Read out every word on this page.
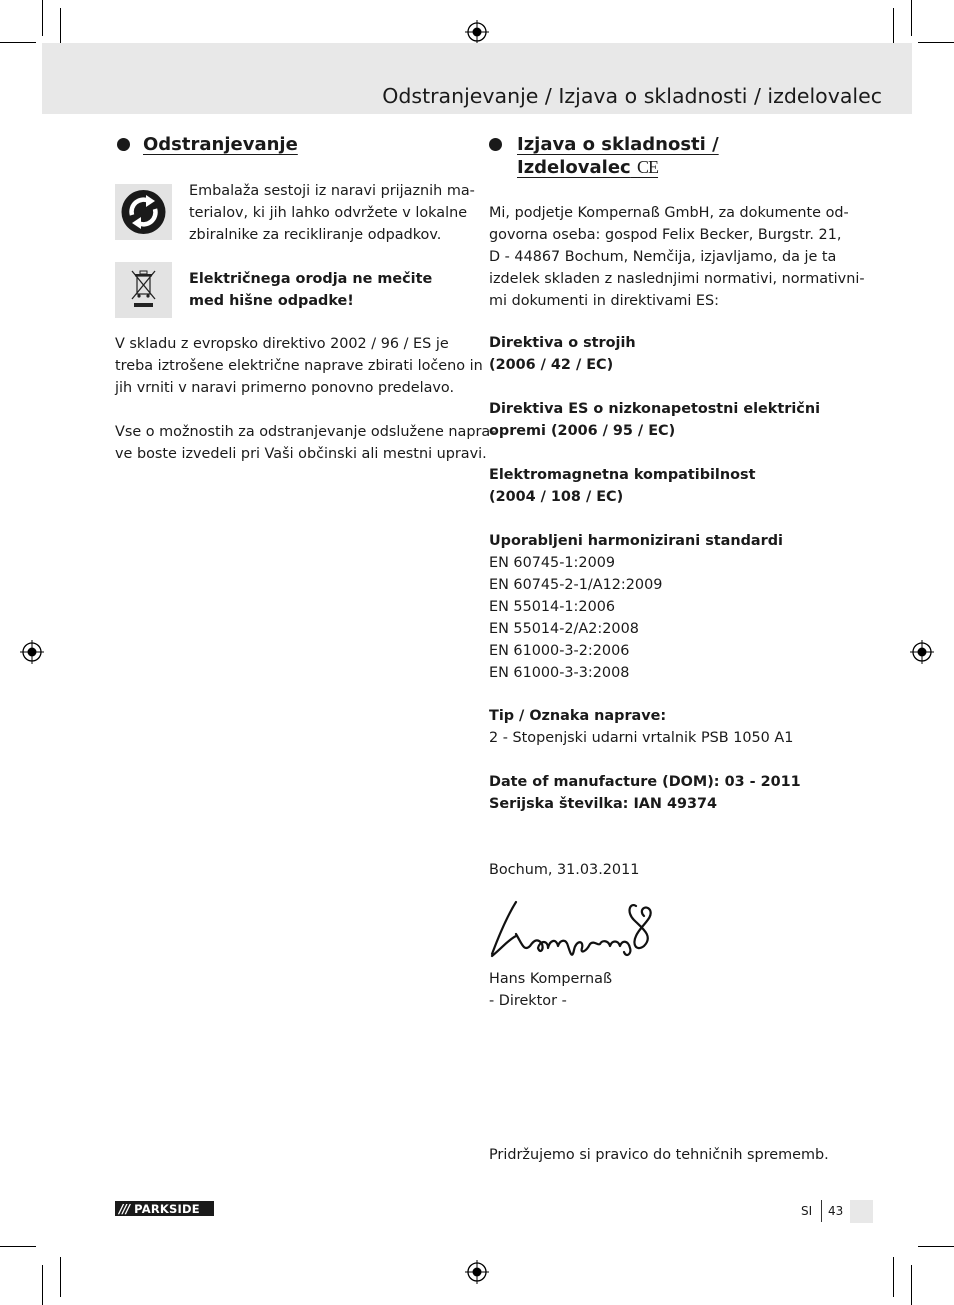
Odstranjevanje / Izjava o skladnosti / izdelovalec
Odstranjevanje
Embalaža sestoji iz naravi prijaznih ma-
terialov, ki jih lahko odvržete v lokalne
zbiralnike za recikliranje odpadkov.
Električnega orodja ne mečite
med hišne odpadke!
V skladu z evropsko direktivo 2002 / 96 / ES je
treba iztrošene električne naprave zbirati ločeno in
jih vrniti v naravi primerno ponovno predelavo.
Vse o možnostih za odstranjevanje odslužene napra-
ve boste izvedeli pri Vaši občinski ali mestni upravi.
Izjava o skladnosti /
Izdelovalec CE
Mi, podjetje Kompernaß GmbH, za dokumente od-
govorna oseba: gospod Felix Becker, Burgstr. 21,
D - 44867 Bochum, Nemčija, izjavljamo, da je ta
izdelek skladen z naslednjimi normativi, normativni-
mi dokumenti in direktivami ES:
Direktiva o strojih
(2006 / 42 / EC)
Direktiva ES o nizkonapetostni električni
opremi (2006 / 95 / EC)
Elektromagnetna kompatibilnost
(2004 / 108 / EC)
Uporabljeni harmonizirani standardi
EN 60745-1:2009
EN 60745-2-1/A12:2009
EN 55014-1:2006
EN 55014-2/A2:2008
EN 61000-3-2:2006
EN 61000-3-3:2008
Tip / Oznaka naprave:
2 - Stopenjski udarni vrtalnik PSB 1050 A1
Date of manufacture (DOM): 03 - 2011
Serijska številka: IAN 49374
Bochum, 31.03.2011
Hans Kompernaß
- Direktor -
Pridržujemo si pravico do tehničnih sprememb.
/// PARKSIDE	SI 43
